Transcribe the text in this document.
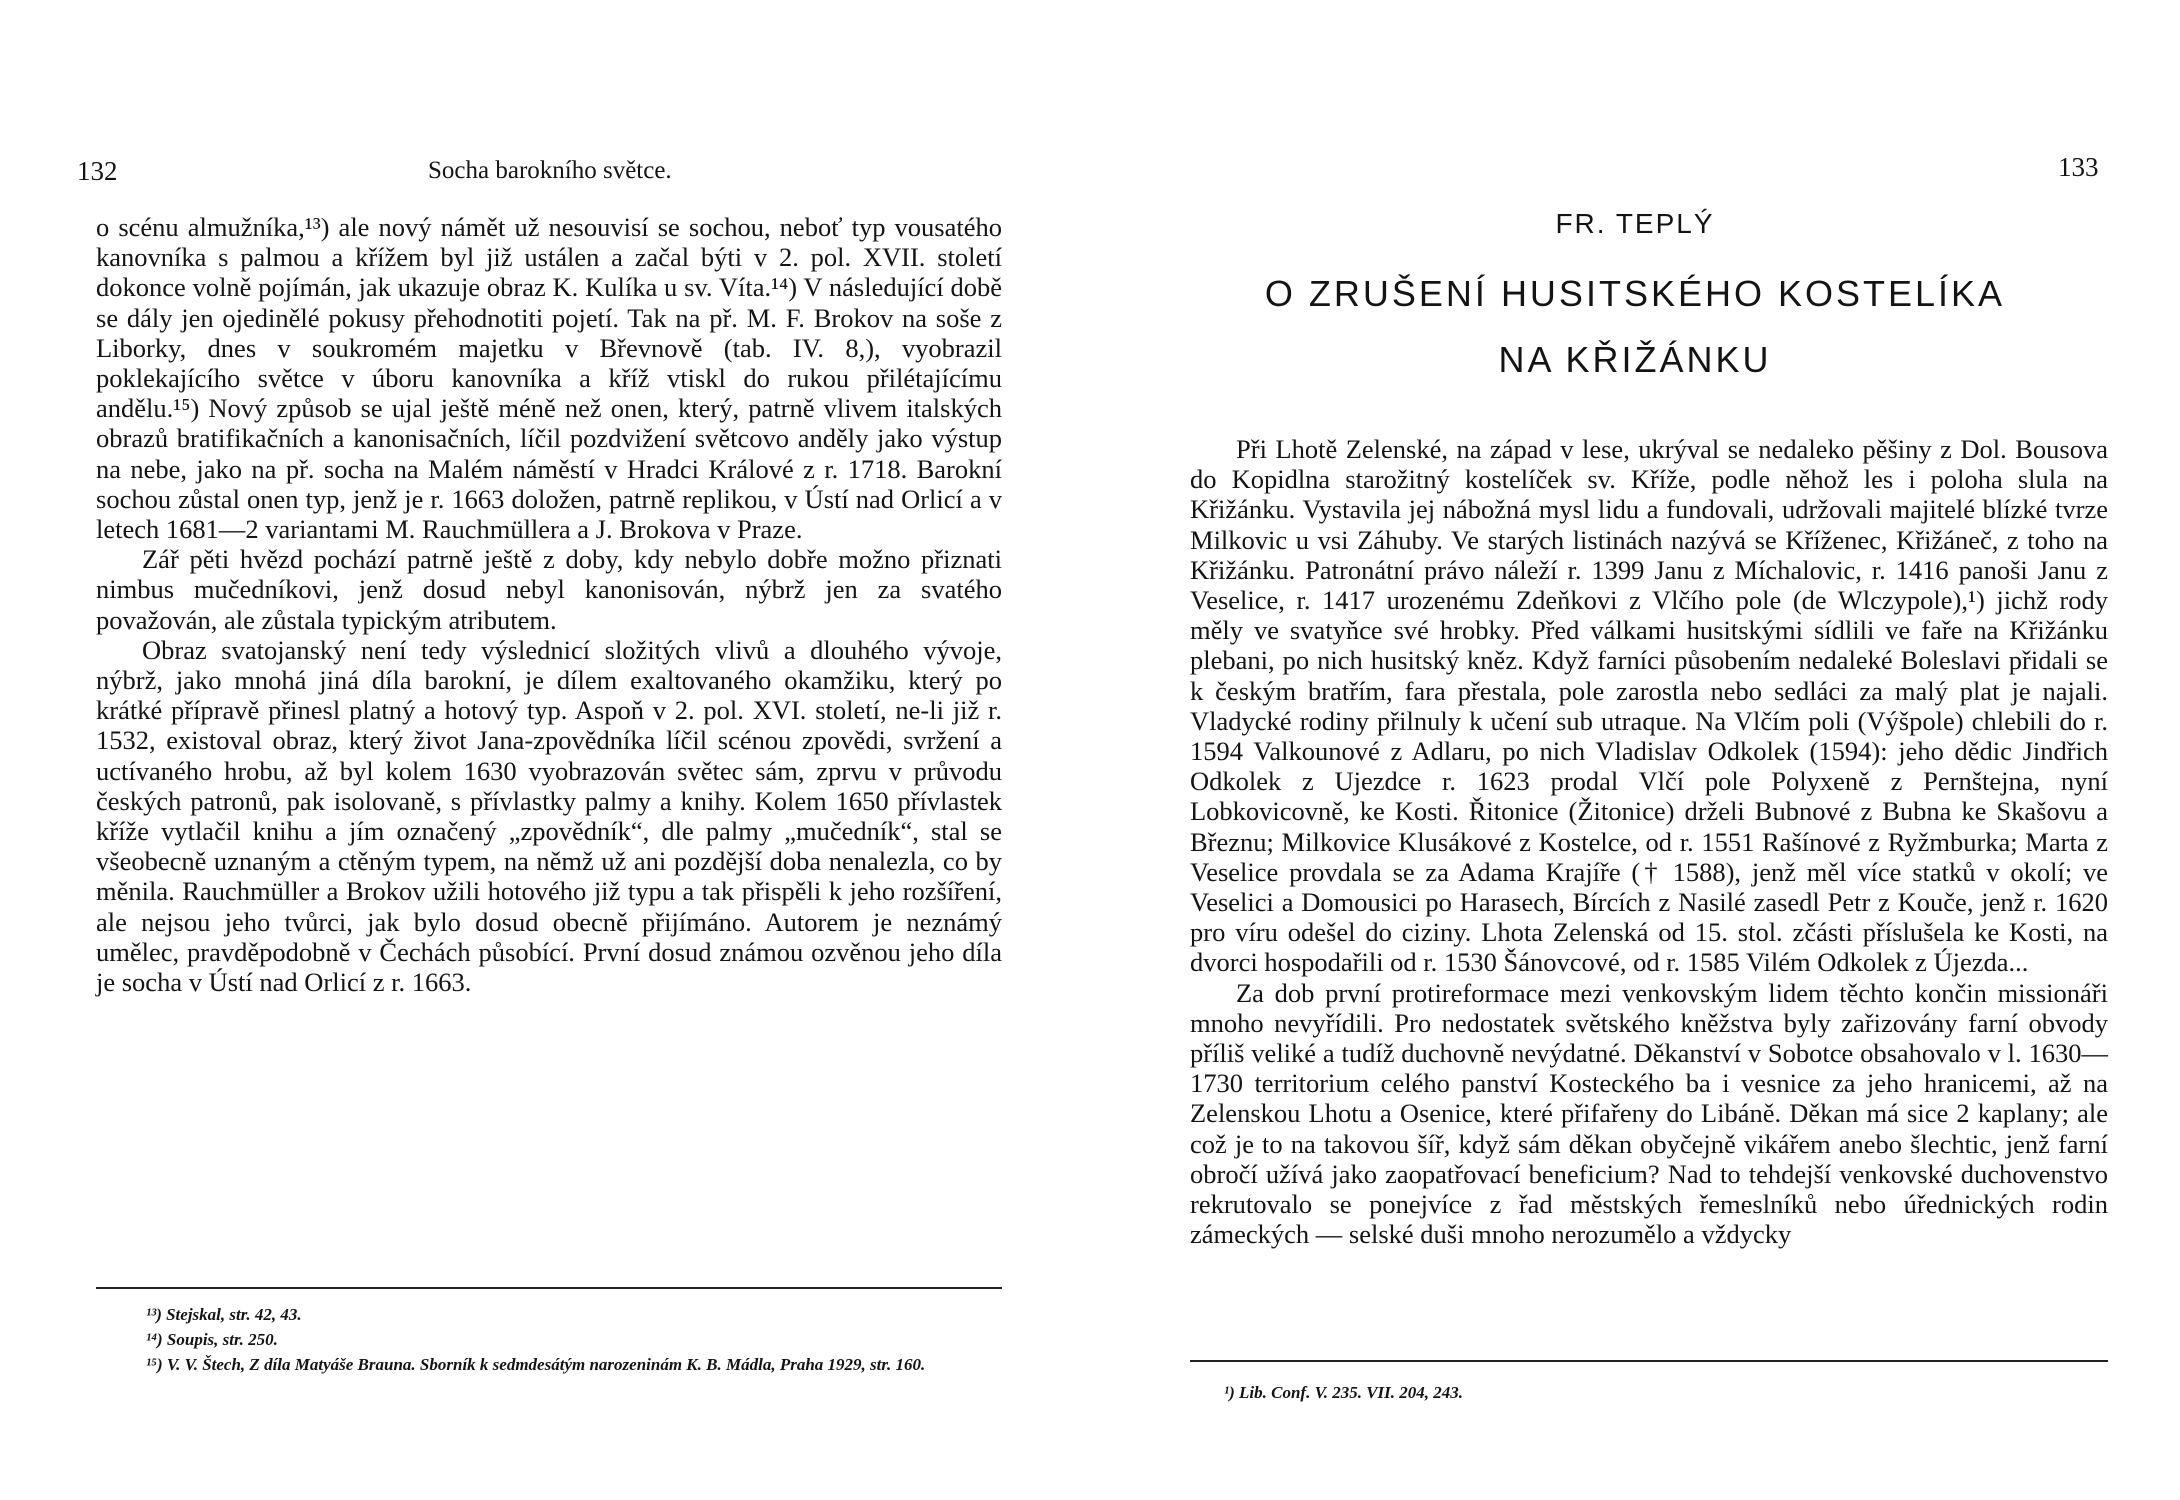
132	Socha barokního světce.

o scénu almužníka,¹³) ale nový námět už nesouvisí se sochou, neboť typ vousatého kanovníka s palmou a křížem byl již ustálen a začal býti v 2. pol. XVII. století dokonce volně pojímán, jak ukazuje obraz K. Kulíka u sv. Víta.¹⁴) V následující době se dály jen ojedinělé pokusy přehodnotiti pojetí. Tak na př. M. F. Brokov na soše z Liborky, dnes v soukromém majetku v Břevnově (tab. IV. 8,), vyobrazil poklekajícího světce v úboru kanovníka a kříž vtiskl do rukou přilétajícímu andělu.¹⁵) Nový způsob se ujal ještě méně než onen, který, patrně vlivem italských obrazů bratifikačních a kanonisačních, líčil pozdvižení světcovo anděly jako výstup na nebe, jako na př. socha na Malém náměstí v Hradci Králové z r. 1718. Barokní sochou zůstal onen typ, jenž je r. 1663 doložen, patrně replikou, v Ústí nad Orlicí a v letech 1681—2 variantami M. Rauchmüllera a J. Brokova v Praze.

Zář pěti hvězd pochází patrně ještě z doby, kdy nebylo dobře možno přiznati nimbus mučedníkovi, jenž dosud nebyl kanonisován, nýbrž jen za svatého považován, ale zůstala typickým atributem.

Obraz svatojanský není tedy výslednicí složitých vlivů a dlouhého vývoje, nýbrž, jako mnohá jiná díla barokní, je dílem exaltovaného okamžiku, který po krátké přípravě přinesl platný a hotový typ. Aspoň v 2. pol. XVI. století, ne-li již r. 1532, existoval obraz, který život Jana-zpovědníka líčil scénou zpovědi, svržení a uctívaného hrobu, až byl kolem 1630 vyobrazován světec sám, zprvu v průvodu českých patronů, pak isolovaně, s přívlastky palmy a knihy. Kolem 1650 přívlastek kříže vytlačil knihu a jím označený „zpovědník“, dle palmy „mučedník“, stal se všeobecně uznaným a ctěným typem, na němž už ani pozdější doba nenalezla, co by měnila. Rauchmüller a Brokov užili hotového již typu a tak přispěli k jeho rozšíření, ale nejsou jeho tvůrci, jak bylo dosud obecně přijímáno. Autorem je neznámý umělec, pravděpodobně v Čechách působící. První dosud známou ozvěnou jeho díla je socha v Ústí nad Orlicí z r. 1663.

¹³) Stejskal, str. 42, 43.

¹⁴) Soupis, str. 250.

¹⁵) V. V. Štech, Z díla Matyáše Brauna. Sborník k sedmdesátým narozeninám K. B. Mádla, Praha 1929, str. 160.

133
FR. TEPLÝ
O ZRUŠENÍ HUSITSKÉHO KOSTELÍKA
NA KŘIŽÁNKU

Při Lhotě Zelenské, na západ v lese, ukrýval se nedaleko pěšiny z Dol. Bousova do Kopidlna starožitný kostelíček sv. Kříže, podle něhož les i poloha slula na Křižánku. Vystavila jej nábožná mysl lidu a fundovali, udržovali majitelé blízké tvrze Milkovic u vsi Záhuby. Ve starých listinách nazývá se Kříženec, Křižáneč, z toho na Křižánku. Patronátní právo náleží r. 1399 Janu z Míchalovic, r. 1416 panoši Janu z Veselice, r. 1417 urozenému Zdeňkovi z Vlčího pole (de Wlczypole),¹) jichž rody měly ve svatyňce své hrobky. Před válkami husitskými sídlili ve faře na Křižánku plebani, po nich husitský kněz. Když farníci působením nedaleké Boleslavi přidali se k českým bratřím, fara přestala, pole zarostla nebo sedláci za malý plat je najali. Vladycké rodiny přilnuly k učení sub utraque. Na Vlčím poli (Výšpole) chlebili do r. 1594 Valkounové z Adlaru, po nich Vladislav Odkolek (1594): jeho dědic Jindřich Odkolek z Ujezdce r. 1623 prodal Vlčí pole Polyxeně z Pernštejna, nyní Lobkovicovně, ke Kosti. Řitonice (Žitonice) drželi Bubnové z Bubna ke Skašovu a Březnu; Milkovice Klusákové z Kostelce, od r. 1551 Rašínové z Ryžmburka; Marta z Veselice provdala se za Adama Krajíře († 1588), jenž měl více statků v okolí; ve Veselici a Domousici po Harasech, Bírcích z Nasilé zasedl Petr z Kouče, jenž r. 1620 pro víru odešel do ciziny. Lhota Zelenská od 15. stol. zčásti příslušela ke Kosti, na dvorci hospodařili od r. 1530 Šánovcové, od r. 1585 Vilém Odkolek z Újezda...

Za dob první protireformace mezi venkovským lidem těchto končin missionáři mnoho nevyřídili. Pro nedostatek světského kněžstva byly zařizovány farní obvody příliš veliké a tudíž duchovně nevýdatné. Děkanství v Sobotce obsahovalo v l. 1630—1730 territorium celého panství Kosteckého ba i vesnice za jeho hranicemi, až na Zelenskou Lhotu a Osenice, které přifařeny do Libáně. Děkan má sice 2 kaplany; ale což je to na takovou šíř, když sám děkan obyčejně vikářem anebo šlechtic, jenž farní obročí užívá jako zaopatřovací beneficium? Nad to tehdejší venkovské duchovenstvo rekrutovalo se ponejvíce z řad městských řemeslníků nebo úřednických rodin zámeckých — selské duši mnoho nerozumělo a vždycky

¹) Lib. Conf. V. 235. VII. 204, 243.
